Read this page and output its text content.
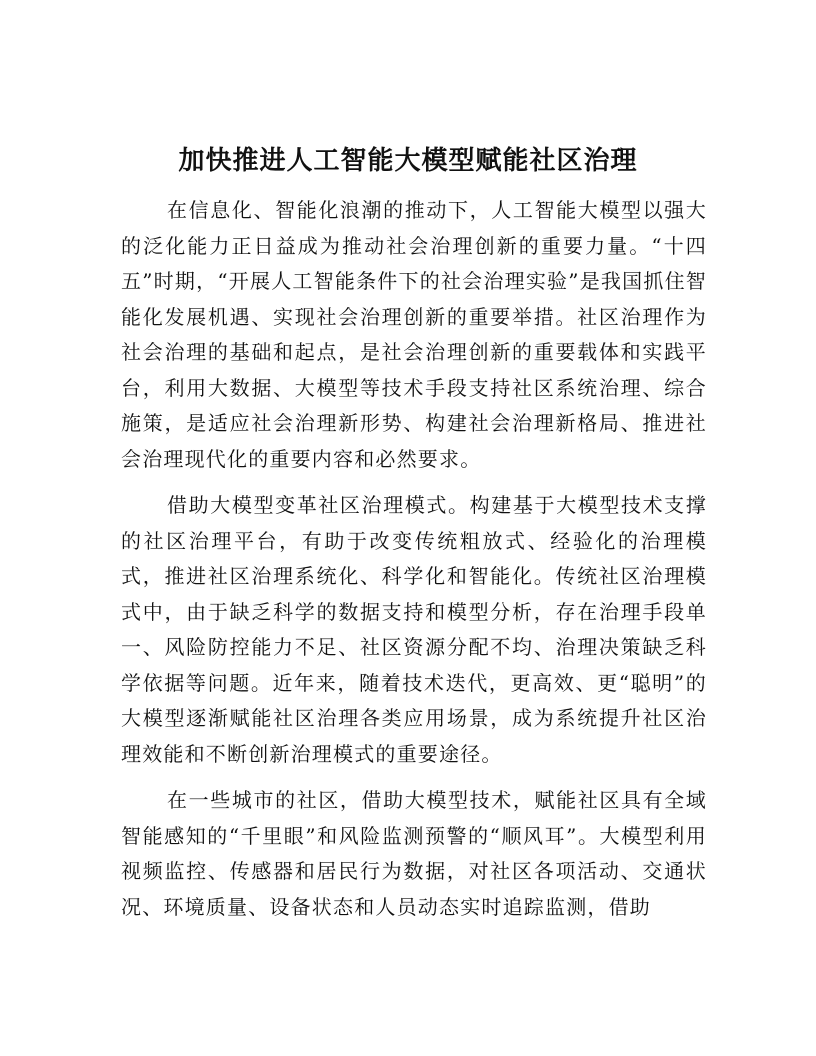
加快推进人工智能大模型赋能社区治理

在信息化、智能化浪潮的推动下，人工智能大模型以强大的泛化能力正日益成为推动社会治理创新的重要力量。“十四五”时期，“开展人工智能条件下的社会治理实验”是我国抓住智能化发展机遇、实现社会治理创新的重要举措。社区治理作为社会治理的基础和起点，是社会治理创新的重要载体和实践平台，利用大数据、大模型等技术手段支持社区系统治理、综合施策，是适应社会治理新形势、构建社会治理新格局、推进社会治理现代化的重要内容和必然要求。

借助大模型变革社区治理模式。构建基于大模型技术支撑的社区治理平台，有助于改变传统粗放式、经验化的治理模式，推进社区治理系统化、科学化和智能化。传统社区治理模式中，由于缺乏科学的数据支持和模型分析，存在治理手段单一、风险防控能力不足、社区资源分配不均、治理决策缺乏科学依据等问题。近年来，随着技术迭代，更高效、更“聪明”的大模型逐渐赋能社区治理各类应用场景，成为系统提升社区治理效能和不断创新治理模式的重要途径。

在一些城市的社区，借助大模型技术，赋能社区具有全域智能感知的“千里眼”和风险监测预警的“顺风耳”。大模型利用视频监控、传感器和居民行为数据，对社区各项活动、交通状况、环境质量、设备状态和人员动态实时追踪监测，借助
